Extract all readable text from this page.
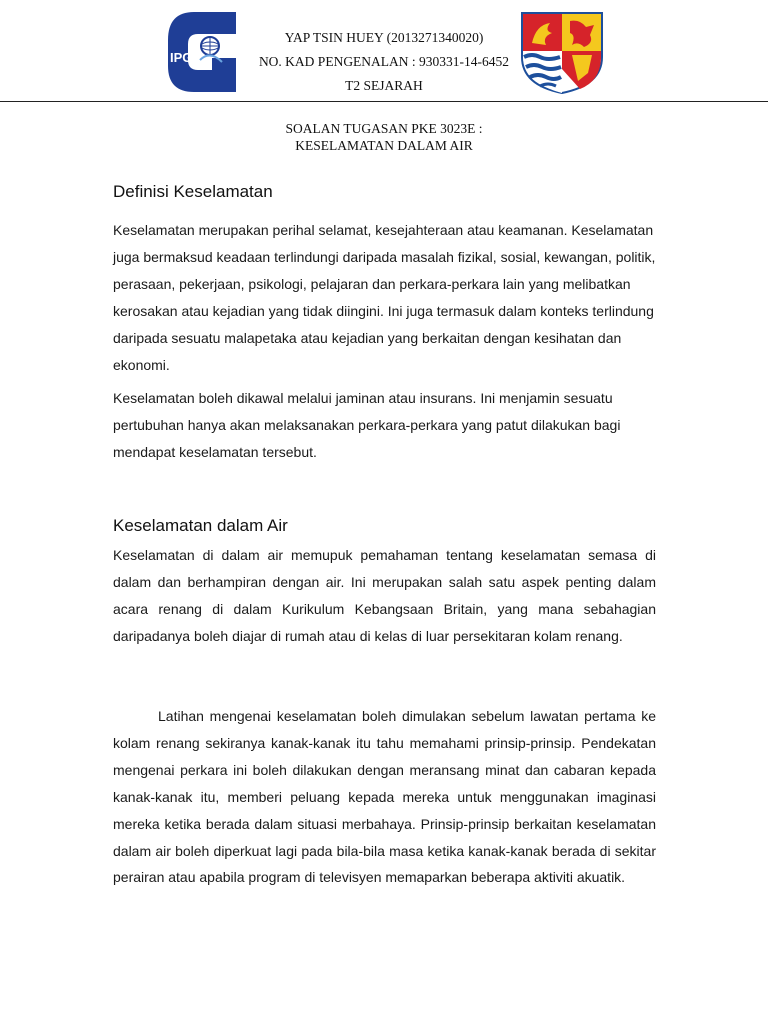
IPG
YAP TSIN HUEY (2013271340020)
NO. KAD PENGENALAN : 930331-14-6452
T2 SEJARAH
SOALAN TUGASAN PKE 3023E :
KESELAMATAN DALAM AIR
Definisi Keselamatan

Keselamatan merupakan perihal selamat, kesejahteraan atau keamanan. Keselamatan juga bermaksud keadaan terlindungi daripada masalah fizikal, sosial, kewangan, politik, perasaan, pekerjaan, psikologi, pelajaran dan perkara-perkara lain yang melibatkan kerosakan atau kejadian yang tidak diingini. Ini juga termasuk dalam konteks terlindung daripada sesuatu malapetaka atau kejadian yang berkaitan dengan kesihatan dan ekonomi.

Keselamatan boleh dikawal melalui jaminan atau insurans. Ini menjamin sesuatu pertubuhan hanya akan melaksanakan perkara-perkara yang patut dilakukan bagi mendapat keselamatan tersebut.

Keselamatan dalam Air

Keselamatan di dalam air memupuk pemahaman tentang keselamatan semasa di dalam dan berhampiran dengan air. Ini merupakan salah satu aspek penting dalam acara renang di dalam Kurikulum Kebangsaan Britain, yang mana sebahagian daripadanya boleh diajar di rumah atau di kelas di luar persekitaran kolam renang.

Latihan mengenai keselamatan boleh dimulakan sebelum lawatan pertama ke kolam renang sekiranya kanak-kanak itu tahu memahami prinsip-prinsip. Pendekatan mengenai perkara ini boleh dilakukan dengan meransang minat dan cabaran kepada kanak-kanak itu, memberi peluang kepada mereka untuk menggunakan imaginasi mereka ketika berada dalam situasi merbahaya. Prinsip-prinsip berkaitan keselamatan dalam air boleh diperkuat lagi pada bila-bila masa ketika kanak-kanak berada di sekitar perairan atau apabila program di televisyen memaparkan beberapa aktiviti akuatik.
